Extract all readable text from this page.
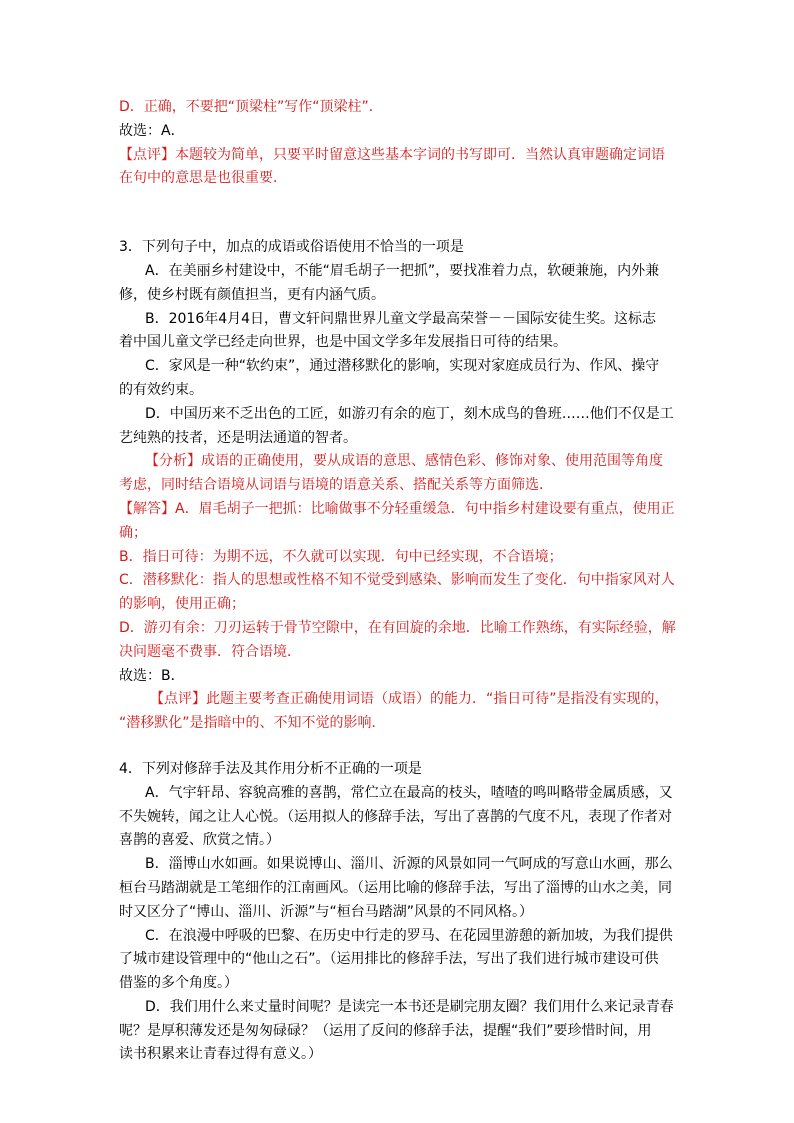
D．正确，不要把“顶梁柱”写作“顶梁柱”．
故选：A．
【点评】本题较为简单，只要平时留意这些基本字词的书写即可．当然认真审题确定词语
在句中的意思是也很重要．
3．下列句子中，加点的成语或俗语使用不恰当的一项是
A．在美丽乡村建设中，不能“眉毛胡子一把抓”，要找准着力点，软硬兼施，内外兼
修，使乡村既有颜值担当，更有内涵气质。
B．2016年4月4日，曹文轩问鼎世界儿童文学最高荣誉－－国际安徒生奖。这标志
着中国儿童文学已经走向世界，也是中国文学多年发展指日可待的结果。
C．家风是一种“软约束”，通过潜移默化的影响，实现对家庭成员行为、作风、操守
的有效约束。
D．中国历来不乏出色的工匠，如游刃有余的庖丁，刻木成鸟的鲁班……他们不仅是工
艺纯熟的技者，还是明法通道的智者。
【分析】成语的正确使用，要从成语的意思、感情色彩、修饰对象、使用范围等角度
考虑，同时结合语境从词语与语境的语意关系、搭配关系等方面筛选．
【解答】A．眉毛胡子一把抓：比喻做事不分轻重缓急．句中指乡村建设要有重点，使用正
确；
B．指日可待：为期不远，不久就可以实现．句中已经实现，不合语境；
C．潜移默化：指人的思想或性格不知不觉受到感染、影响而发生了变化．句中指家风对人
的影响，使用正确；
D．游刃有余：刀刃运转于骨节空隙中，在有回旋的余地．比喻工作熟练，有实际经验，解
决问题毫不费事．符合语境．
故选：B．
【点评】此题主要考查正确使用词语（成语）的能力．“指日可待”是指没有实现的，
“潜移默化”是指暗中的、不知不觉的影响．
4．下列对修辞手法及其作用分析不正确的一项是
A．气宇轩昂、容貌高雅的喜鹊，常伫立在最高的枝头，喳喳的鸣叫略带金属质感，又
不失婉转，闻之让人心悦。（运用拟人的修辞手法，写出了喜鹊的气度不凡，表现了作者对
喜鹊的喜爱、欣赏之情。）
B．淄博山水如画。如果说博山、淄川、沂源的风景如同一气呵成的写意山水画，那么
桓台马踏湖就是工笔细作的江南画风。（运用比喻的修辞手法，写出了淄博的山水之美，同
时又区分了“博山、淄川、沂源”与“桓台马踏湖”风景的不同风格。）
C．在浪漫中呼吸的巴黎、在历史中行走的罗马、在花园里游憩的新加坡，为我们提供
了城市建设管理中的“他山之石”。（运用排比的修辞手法，写出了我们进行城市建设可供
借鉴的多个角度。）
D．我们用什么来丈量时间呢？是读完一本书还是刷完朋友圈？我们用什么来记录青春
呢？是厚积薄发还是匆匆碌碌？（运用了反问的修辞手法，提醒“我们”要珍惜时间，用
读书积累来让青春过得有意义。）
